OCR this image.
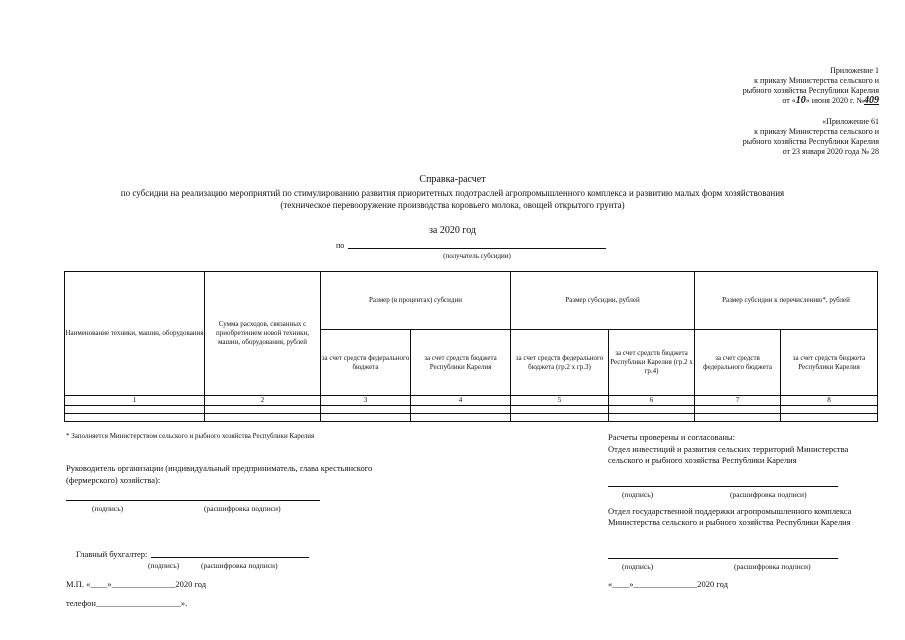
Приложение 1
к приказу Министерства сельского и
рыбного хозяйства Республики Карелия
от «10» июня 2020 г. №409
«Приложение 61
к приказу Министерства сельского и
рыбного хозяйства Республики Карелия
от 23 января 2020 года № 28
Справка-расчет
по субсидии на реализацию мероприятий по стимулированию развития приоритетных подотраслей агропромышленного комплекса и развитию малых форм хозяйствования
(техническое перевооружение производства коровьего молока, овощей открытого грунта)
за 2020 год
по
(получатель субсидии)
Наименование техники, машин, оборудования	Сумма расходов, связанных с приобретением новой техники, машин, оборудования, рублей	Размер (в процентах) субсидии		Размер субсидии, рублей		Размер субсидии к перечислению*, рублей	
		за счет средств федерального бюджета	за счет средств бюджета Республики Карелия	за счет средств федерального бюджета (гр.2 х гр.3)	за счет средств бюджета Республики Карелия (гр.2 х гр.4)	за счет средств федерального бюджета	за счет средств бюджета Республики Карелия
1	2	3	4	5	6	7	8

* Заполняется Министерством сельского и рыбного хозяйства Республики Карелия
Руководитель организации (индивидуальный предприниматель, глава крестьянского
(фермерского) хозяйства):
(подпись)	(расшифровка подписи)
Главный бухгалтер:
(подпись)	(расшифровка подписи)
М.П. «____»_______________2020 год
телефон____________________».
Расчеты проверены и согласованы:
Отдел инвестиций и развития сельских территорий Министерства
сельского и рыбного хозяйства Республики Карелия
(подпись)	(расшифровка подписи)
Отдел государственной поддержки агропромышленного комплекса
Министерства сельского и рыбного хозяйства Республики Карелия
(подпись)	(расшифровка подписи)
«____»_______________2020 год
